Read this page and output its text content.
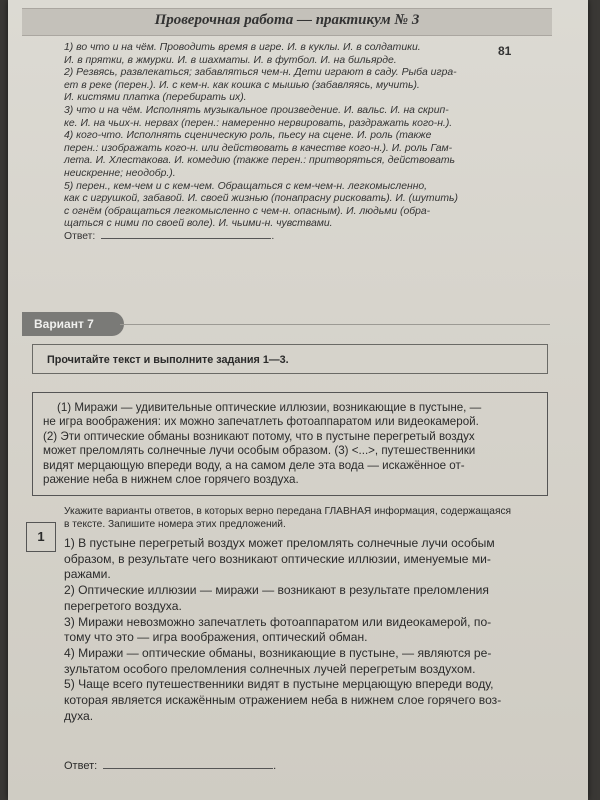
Проверочная работа — практикум № 3
81

1) во что и на чём. Проводить время в игре. И. в куклы. И. в солдатики.

И. в прятки, в жмурки. И. в шахматы. И. в футбол. И. на бильярде.

2) Резвясь, развлекаться; забавляться чем-н. Дети играют в саду. Рыба игра-

ет в реке (перен.). И. с кем-н. как кошка с мышью (забавляясь, мучить).

И. кистями платка (перебирать их).

3) что и на чём. Исполнять музыкальное произведение. И. вальс. И. на скрип-

ке. И. на чьих-н. нервах (перен.: намеренно нервировать, раздражать кого-н.).

4) кого-что. Исполнять сценическую роль, пьесу на сцене. И. роль (также

перен.: изображать кого-н. или действовать в качестве кого-н.). И. роль Гам-

лета. И. Хлестакова. И. комедию (также перен.: притворяться, действовать

неискренне; неодобр.).

5) перен., кем-чем и с кем-чем. Обращаться с кем-чем-н. легкомысленно,

как с игрушкой, забавой. И. своей жизнью (понапрасну рисковать). И. (шутить)

с огнём (обращаться легкомысленно с чем-н. опасным). И. людьми (обра-

щаться с ними по своей воле). И. чьими-н. чувствами.

Ответ:	.

Вариант 7
Прочитайте текст и выполните задания 1—3.
(1) Миражи — удивительные оптические иллюзии, возникающие в пустыне, —
не игра воображения: их можно запечатлеть фотоаппаратом или видеокамерой.
(2) Эти оптические обманы возникают потому, что в пустыне перегретый воздух
может преломлять солнечные лучи особым образом. (3) <...>, путешественники
видят мерцающую впереди воду, а на самом деле эта вода — искажённое от-
ражение неба в нижнем слое горячего воздуха.
1
Укажите варианты ответов, в которых верно передана ГЛАВНАЯ информация, содержащаяся
в тексте. Запишите номера этих предложений.

1) В пустыне перегретый воздух может преломлять солнечные лучи особым

образом, в результате чего возникают оптические иллюзии, именуемые ми-

ражами.

2) Оптические иллюзии — миражи — возникают в результате преломления

перегретого воздуха.

3) Миражи невозможно запечатлеть фотоаппаратом или видеокамерой, по-

тому что это — игра воображения, оптический обман.

4) Миражи — оптические обманы, возникающие в пустыне, — являются ре-

зультатом особого преломления солнечных лучей перегретым воздухом.

5) Чаще всего путешественники видят в пустыне мерцающую впереди воду,

которая является искажённым отражением неба в нижнем слое горячего воз-

духа.

Ответ:	.
